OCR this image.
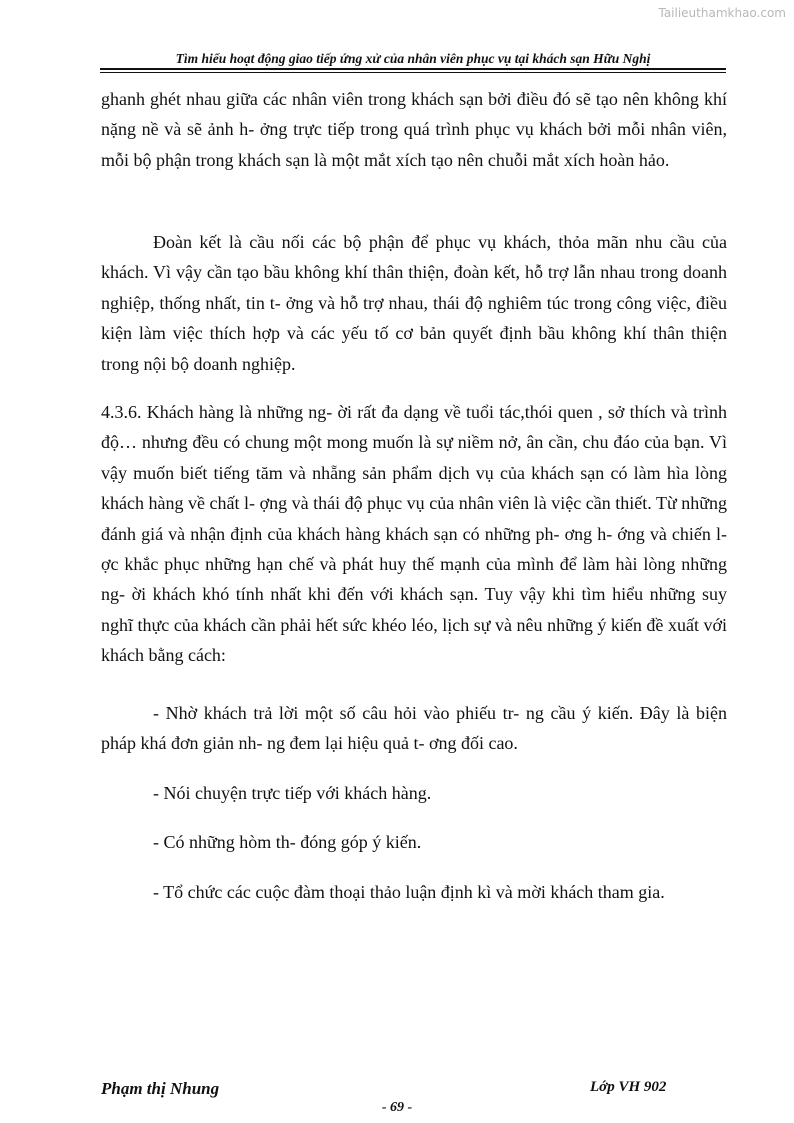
Tailieuthamkhao.com
Tìm hiểu hoạt động giao tiếp ứng xử của nhân viên phục vụ tại khách sạn Hữu Nghị

ghanh ghét nhau giữa các nhân viên trong khách sạn bởi điều đó sẽ tạo nên không khí nặng nề và sẽ ảnh h- ởng trực tiếp trong quá trình phục vụ khách bởi mỗi nhân viên, mỗi bộ phận trong khách sạn là một mắt xích tạo nên chuỗi mắt xích hoàn hảo.

Đoàn kết là cầu nối các bộ phận để phục vụ khách, thỏa mãn nhu cầu của khách. Vì vậy cần tạo bầu không khí thân thiện, đoàn kết, hỗ trợ lẫn nhau trong doanh nghiệp, thống nhất, tin t- ởng và hỗ trợ nhau, thái độ nghiêm túc trong công việc, điều kiện làm việc thích hợp và các yếu tố cơ bản quyết định bầu không khí thân thiện trong nội bộ doanh nghiệp.

4.3.6. Khách hàng là những ng- ời rất đa dạng về tuổi tác,thói quen , sở thích và trình độ… nhưng đều có chung một mong muốn là sự niềm nở, ân cần, chu đáo của bạn. Vì vậy muốn biết tiếng tăm và nhẵng sản phẩm dịch vụ của khách sạn có làm hìa lòng khách hàng về chất l- ợng và thái độ phục vụ của nhân viên là việc cần thiết. Từ những đánh giá và nhận định của khách hàng khách sạn có những ph- ơng h- ớng và chiến l- ợc khắc phục những hạn chế và phát huy thế mạnh của mình để làm hài lòng những ng- ời khách khó tính nhất khi đến với khách sạn. Tuy vậy khi tìm hiểu những suy nghĩ thực của khách cần phải hết sức khéo léo, lịch sự và nêu những ý kiến đề xuất với khách bằng cách:

- Nhờ khách trả lời một số câu hỏi vào phiếu tr- ng cầu ý kiến. Đây là biện pháp khá đơn giản nh- ng đem lại hiệu quả t- ơng đối cao.

- Nói chuyện trực tiếp với khách hàng.

- Có những hòm th- đóng góp ý kiến.

- Tổ chức các cuộc đàm thoại thảo luận định kì và mời khách tham gia.

Phạm thị Nhung	Lớp VH 902
- 69 -
